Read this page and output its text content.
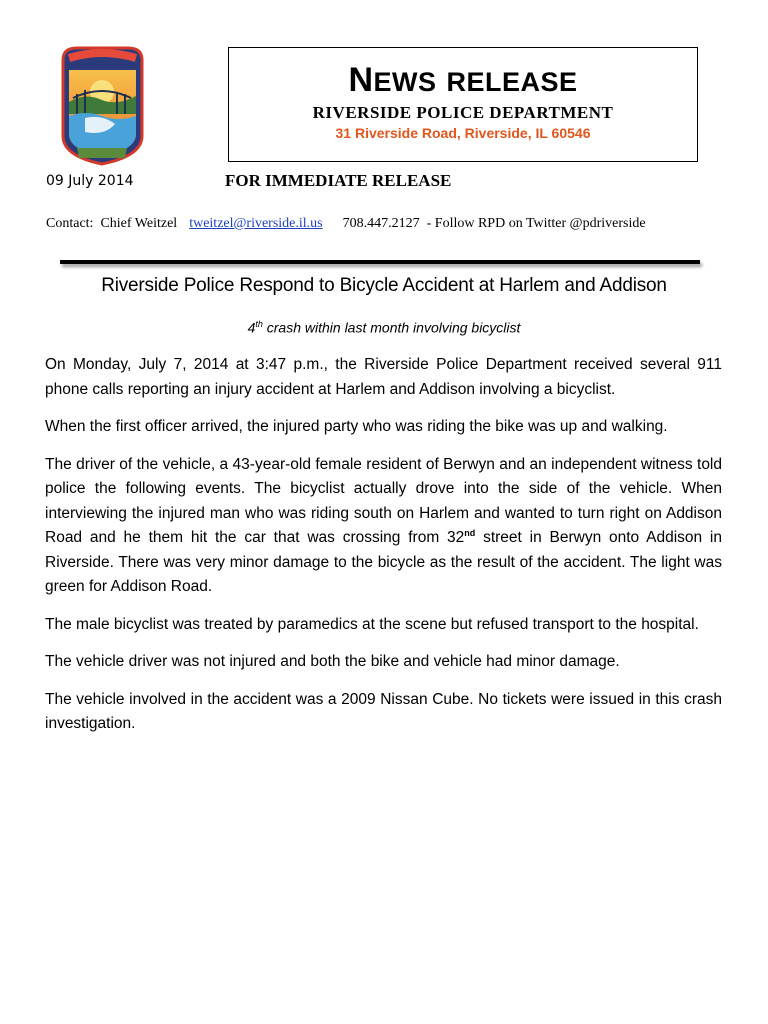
NEWS RELEASE
RIVERSIDE POLICE DEPARTMENT
31 Riverside Road, Riverside, IL 60546
09 July 2014	FOR IMMEDIATE RELEASE
Contact: Chief Weitzel tweitzel@riverside.il.us 708.447.2127 - Follow RPD on Twitter @pdriverside
Riverside Police Respond to Bicycle Accident at Harlem and Addison
4th crash within last month involving bicyclist

On Monday, July 7, 2014 at 3:47 p.m., the Riverside Police Department received several 911 phone calls reporting an injury accident at Harlem and Addison involving a bicyclist.

When the first officer arrived, the injured party who was riding the bike was up and walking.

The driver of the vehicle, a 43-year-old female resident of Berwyn and an independent witness told police the following events. The bicyclist actually drove into the side of the vehicle. When interviewing the injured man who was riding south on Harlem and wanted to turn right on Addison Road and he them hit the car that was crossing from 32nd street in Berwyn onto Addison in Riverside. There was very minor damage to the bicycle as the result of the accident. The light was green for Addison Road.

The male bicyclist was treated by paramedics at the scene but refused transport to the hospital.

The vehicle driver was not injured and both the bike and vehicle had minor damage.

The vehicle involved in the accident was a 2009 Nissan Cube. No tickets were issued in this crash investigation.
